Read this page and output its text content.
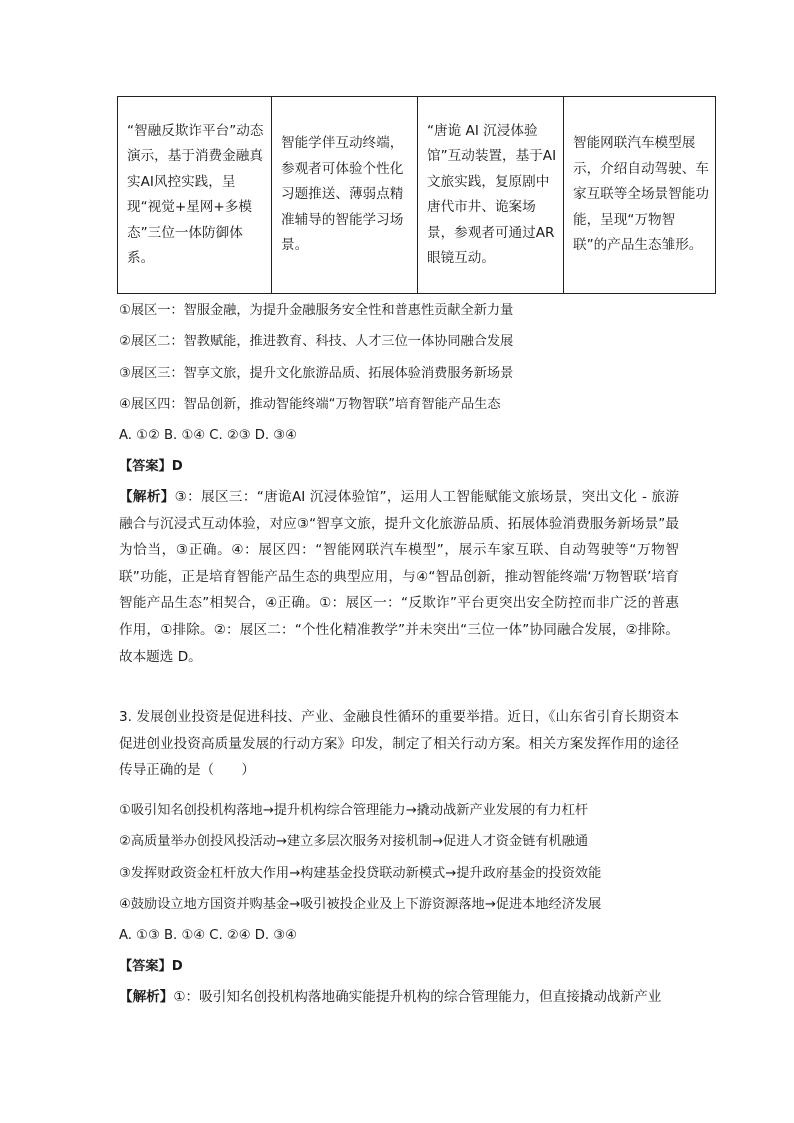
“智融反欺诈平台”动态演示，基于消费金融真实AI风控实践，呈现“视觉+星网+多模态”三位一体防御体系。	智能学伴互动终端，参观者可体验个性化习题推送、薄弱点精准辅导的智能学习场景。	“唐诡 AI 沉浸体验馆”互动装置，基于AI 文旅实践，复原剧中唐代市井、诡案场景，参观者可通过AR 眼镜互动。	智能网联汽车模型展示，介绍自动驾驶、车家互联等全场景智能功能，呈现“万物智联”的产品生态雏形。
①展区一：智服金融，为提升金融服务安全性和普惠性贡献全新力量
②展区二：智教赋能，推进教育、科技、人才三位一体协同融合发展
③展区三：智享文旅，提升文化旅游品质、拓展体验消费服务新场景
④展区四：智品创新，推动智能终端“万物智联”培育智能产品生态
A. ①② B. ①④ C. ②③ D. ③④
【答案】D
【解析】③：展区三：“唐诡AI 沉浸体验馆”，运用人工智能赋能文旅场景，突出文化 - 旅游融合与沉浸式互动体验，对应③“智享文旅，提升文化旅游品质、拓展体验消费服务新场景”最为恰当，③正确。④：展区四：“智能网联汽车模型”，展示车家互联、自动驾驶等“万物智联”功能，正是培育智能产品生态的典型应用，与④“智品创新，推动智能终端‘万物智联’培育智能产品生态”相契合，④正确。①：展区一：“反欺诈”平台更突出安全防控而非广泛的普惠作用，①排除。②：展区二：“个性化精准教学”并未突出“三位一体”协同融合发展，②排除。故本题选 D。
3. 发展创业投资是促进科技、产业、金融良性循环的重要举措。近日，《山东省引育长期资本促进创业投资高质量发展的行动方案》印发，制定了相关行动方案。相关方案发挥作用的途径传导正确的是（　　）
①吸引知名创投机构落地→提升机构综合管理能力→撬动战新产业发展的有力杠杆
②高质量举办创投风投活动→建立多层次服务对接机制→促进人才资金链有机融通
③发挥财政资金杠杆放大作用→构建基金投贷联动新模式→提升政府基金的投资效能
④鼓励设立地方国资并购基金→吸引被投企业及上下游资源落地→促进本地经济发展
A. ①③ B. ①④ C. ②④ D. ③④
【答案】D
【解析】①：吸引知名创投机构落地确实能提升机构的综合管理能力，但直接撬动战新产业
